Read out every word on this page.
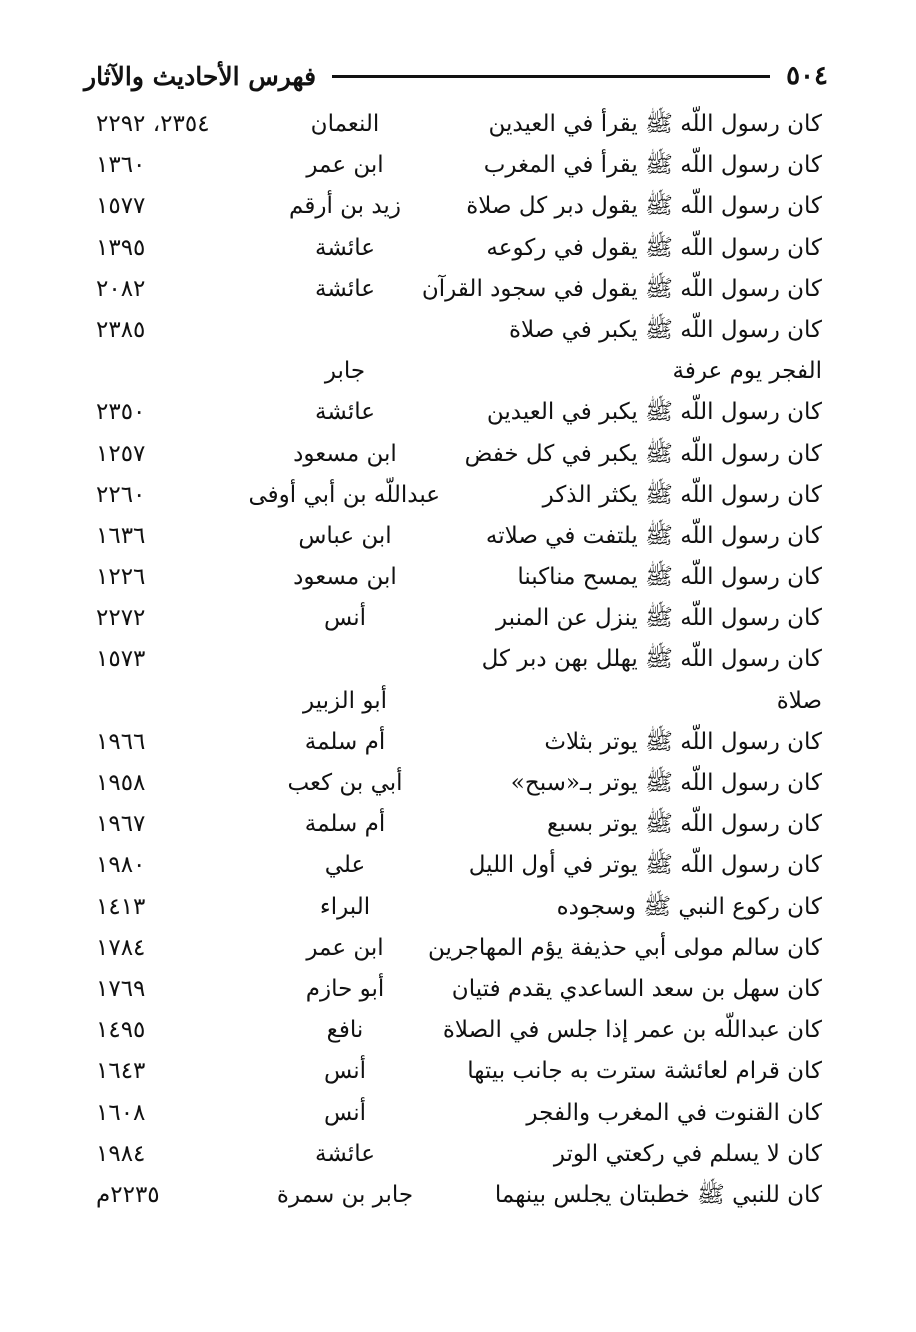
٥٠٤
فهرس الأحاديث والآثار
كان رسول اللّه ﷺ يقرأ في العيدين
النعمان
٢٣٥٤، ٢٢٩٢
كان رسول اللّه ﷺ يقرأ في المغرب
ابن عمر
١٣٦٠
كان رسول اللّه ﷺ يقول دبر كل صلاة
زيد بن أرقم
١٥٧٧
كان رسول اللّه ﷺ يقول في ركوعه
عائشة
١٣٩٥
كان رسول اللّه ﷺ يقول في سجود القرآن
عائشة
٢٠٨٢
كان رسول اللّه ﷺ يكبر في صلاة
٢٣٨٥
الفجر يوم عرفة
جابر
كان رسول اللّه ﷺ يكبر في العيدين
عائشة
٢٣٥٠
كان رسول اللّه ﷺ يكبر في كل خفض
ابن مسعود
١٢٥٧
كان رسول اللّه ﷺ يكثر الذكر
عبداللّه بن أبي أوفى
٢٢٦٠
كان رسول اللّه ﷺ يلتفت في صلاته
ابن عباس
١٦٣٦
كان رسول اللّه ﷺ يمسح مناكبنا
ابن مسعود
١٢٢٦
كان رسول اللّه ﷺ ينزل عن المنبر
أنس
٢٢٧٢
كان رسول اللّه ﷺ يهلل بهن دبر كل
١٥٧٣
صلاة
أبو الزبير
كان رسول اللّه ﷺ يوتر بثلاث
أم سلمة
١٩٦٦
كان رسول اللّه ﷺ يوتر بـ«سبح»
أبي بن كعب
١٩٥٨
كان رسول اللّه ﷺ يوتر بسبع
أم سلمة
١٩٦٧
كان رسول اللّه ﷺ يوتر في أول الليل
علي
١٩٨٠
كان ركوع النبي ﷺ وسجوده
البراء
١٤١٣
كان سالم مولى أبي حذيفة يؤم المهاجرين
ابن عمر
١٧٨٤
كان سهل بن سعد الساعدي يقدم فتيان
أبو حازم
١٧٦٩
كان عبداللّه بن عمر إذا جلس في الصلاة
نافع
١٤٩٥
كان قرام لعائشة سترت به جانب بيتها
أنس
١٦٤٣
كان القنوت في المغرب والفجر
أنس
١٦٠٨
كان لا يسلم في ركعتي الوتر
عائشة
١٩٨٤
كان للنبي ﷺ خطبتان يجلس بينهما
جابر بن سمرة
٢٢٣٥م
